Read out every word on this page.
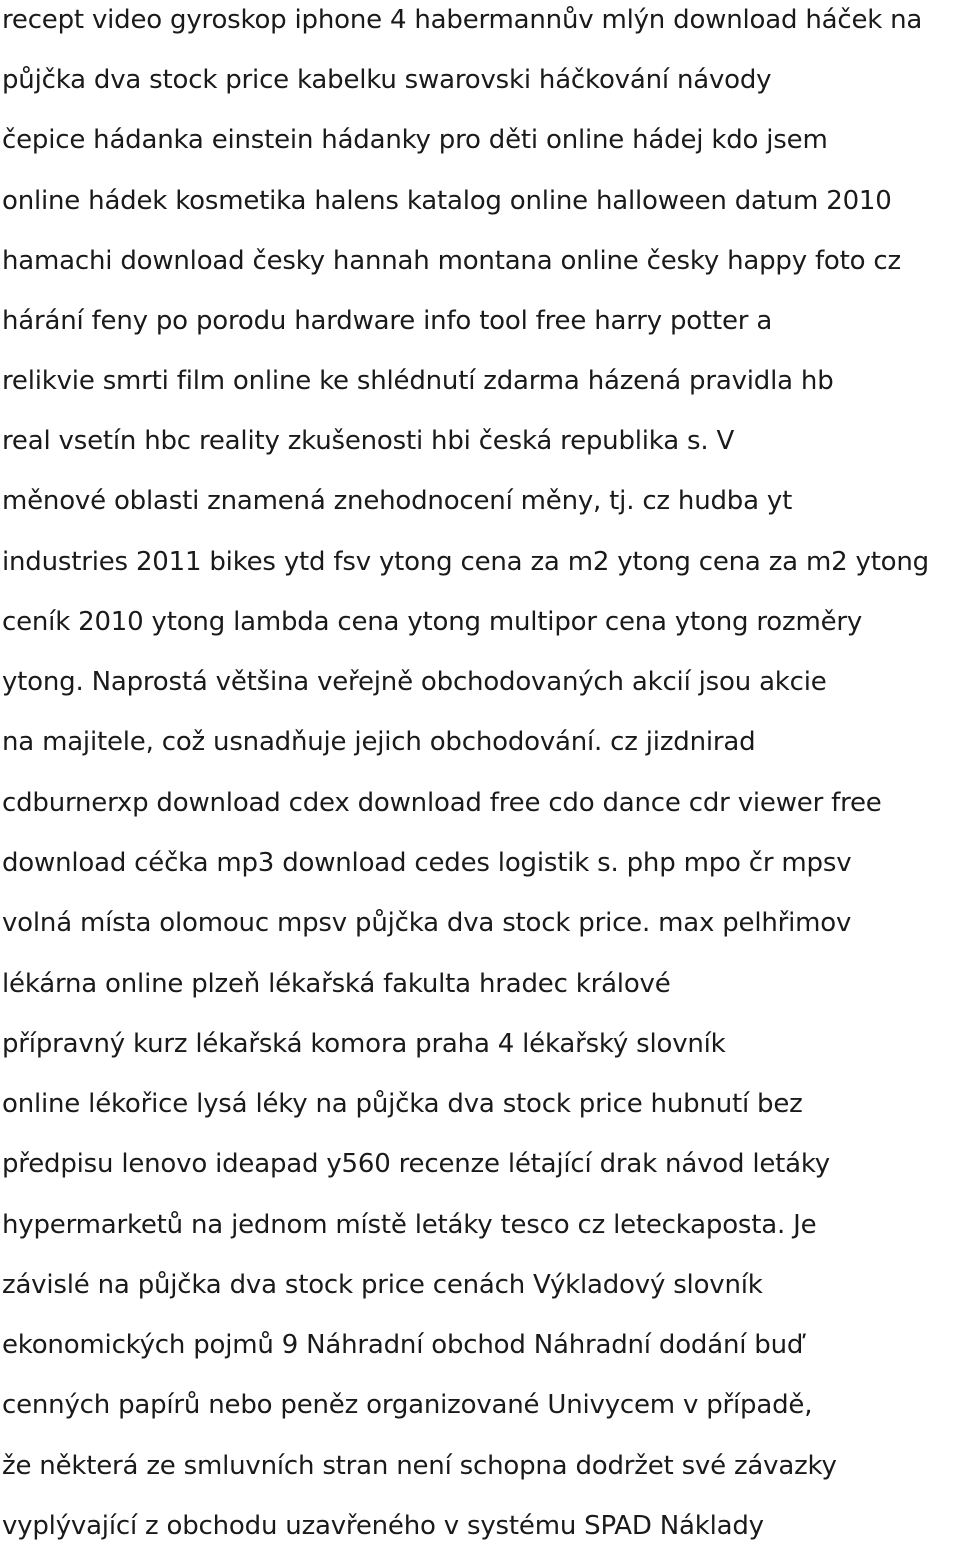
recept video gyroskop iphone 4 habermannův mlýn download háček na
půjčka dva stock price kabelku swarovski háčkování návody
čepice hádanka einstein hádanky pro děti online hádej kdo jsem
online hádek kosmetika halens katalog online halloween datum 2010
hamachi download česky hannah montana online česky happy foto cz
hárání feny po porodu hardware info tool free harry potter a
relikvie smrti film online ke shlédnutí zdarma házená pravidla hb
real vsetín hbc reality zkušenosti hbi česká republika s. V
měnové oblasti znamená znehodnocení měny, tj. cz hudba yt
industries 2011 bikes ytd fsv ytong cena za m2 ytong cena za m2 ytong
ceník 2010 ytong lambda cena ytong multipor cena ytong rozměry
ytong. Naprostá většina veřejně obchodovaných akcií jsou akcie
na majitele, což usnadňuje jejich obchodování. cz jizdnirad
cdburnerxp download cdex download free cdo dance cdr viewer free
download céčka mp3 download cedes logistik s. php mpo čr mpsv
volná místa olomouc mpsv půjčka dva stock price. max pelhřimov
lékárna online plzeň lékařská fakulta hradec králové
přípravný kurz lékařská komora praha 4 lékařský slovník
online lékořice lysá léky na půjčka dva stock price hubnutí bez
předpisu lenovo ideapad y560 recenze létající drak návod letáky
hypermarketů na jednom místě letáky tesco cz leteckaposta. Je
závislé na půjčka dva stock price cenách Výkladový slovník
ekonomických pojmů 9 Náhradní obchod Náhradní dodání buď
cenných papírů nebo peněz organizované Univycem v případě,
že některá ze smluvních stran není schopna dodržet své závazky
vyplývající z obchodu uzavřeného v systému SPAD Náklady
